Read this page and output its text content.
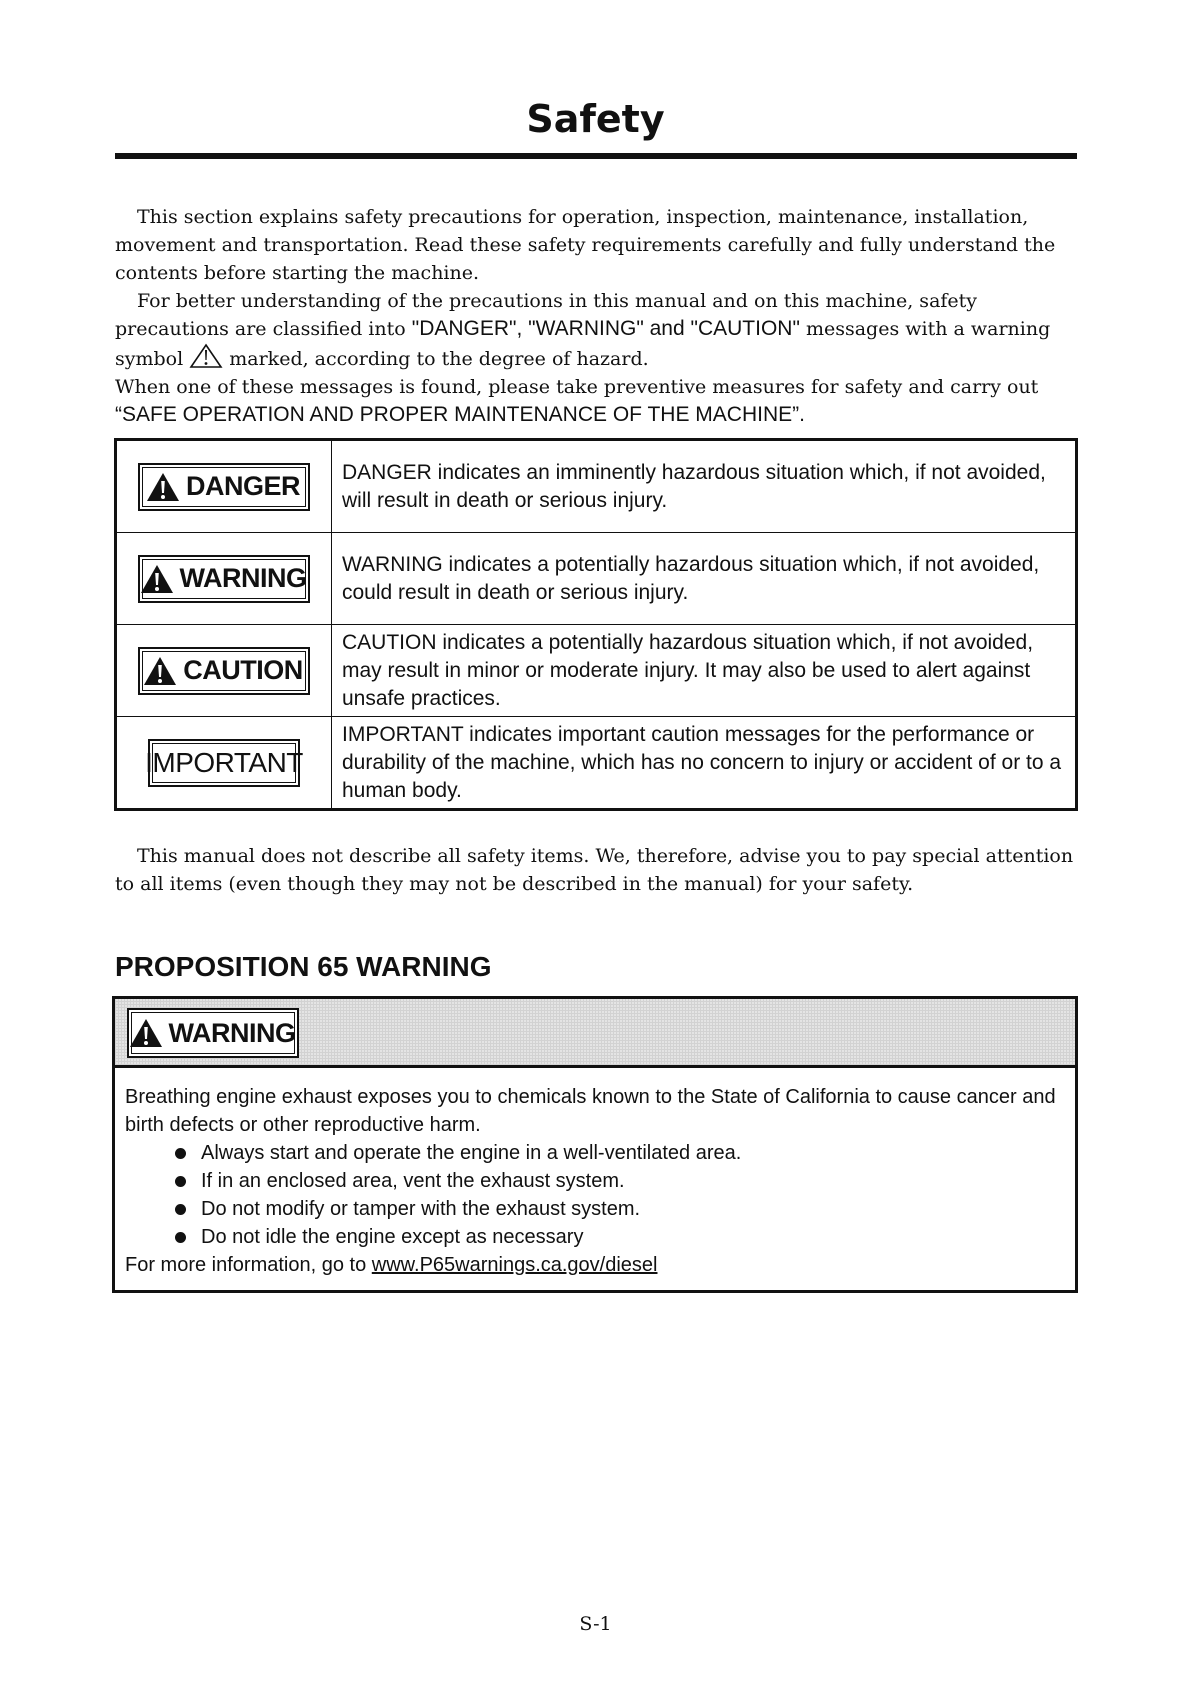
Safety

This section explains safety precautions for operation, inspection, maintenance, installation, movement and transportation. Read these safety requirements carefully and fully understand the contents before starting the machine.

For better understanding of the precautions in this manual and on this machine, safety precautions are classified into "DANGER", "WARNING" and "CAUTION" messages with a warning symbol  marked, according to the degree of hazard.

When one of these messages is found, please take preventive measures for safety and carry out “SAFE OPERATION AND PROPER MAINTENANCE OF THE MACHINE”.

DANGER	DANGER indicates an imminently hazardous situation which, if not avoided, will result in death or serious injury.

WARNING	WARNING indicates a potentially hazardous situation which, if not avoided, could result in death or serious injury.

CAUTION	CAUTION indicates a potentially hazardous situation which, if not avoided, may result in minor or moderate injury. It may also be used to alert against unsafe practices.

IMPORTANT	IMPORTANT indicates important caution messages for the performance or durability of the machine, which has no concern to injury or accident of or to a human body.

This manual does not describe all safety items. We, therefore, advise you to pay special attention to all items (even though they may not be described in the manual) for your safety.

PROPOSITION 65 WARNING
WARNING

Breathing engine exhaust exposes you to chemicals known to the State of California to cause cancer and birth defects or other reproductive harm.

Always start and operate the engine in a well-ventilated area.
If in an enclosed area, vent the exhaust system.
Do not modify or tamper with the exhaust system.
Do not idle the engine except as necessary

For more information, go to www.P65warnings.ca.gov/diesel

S-1
